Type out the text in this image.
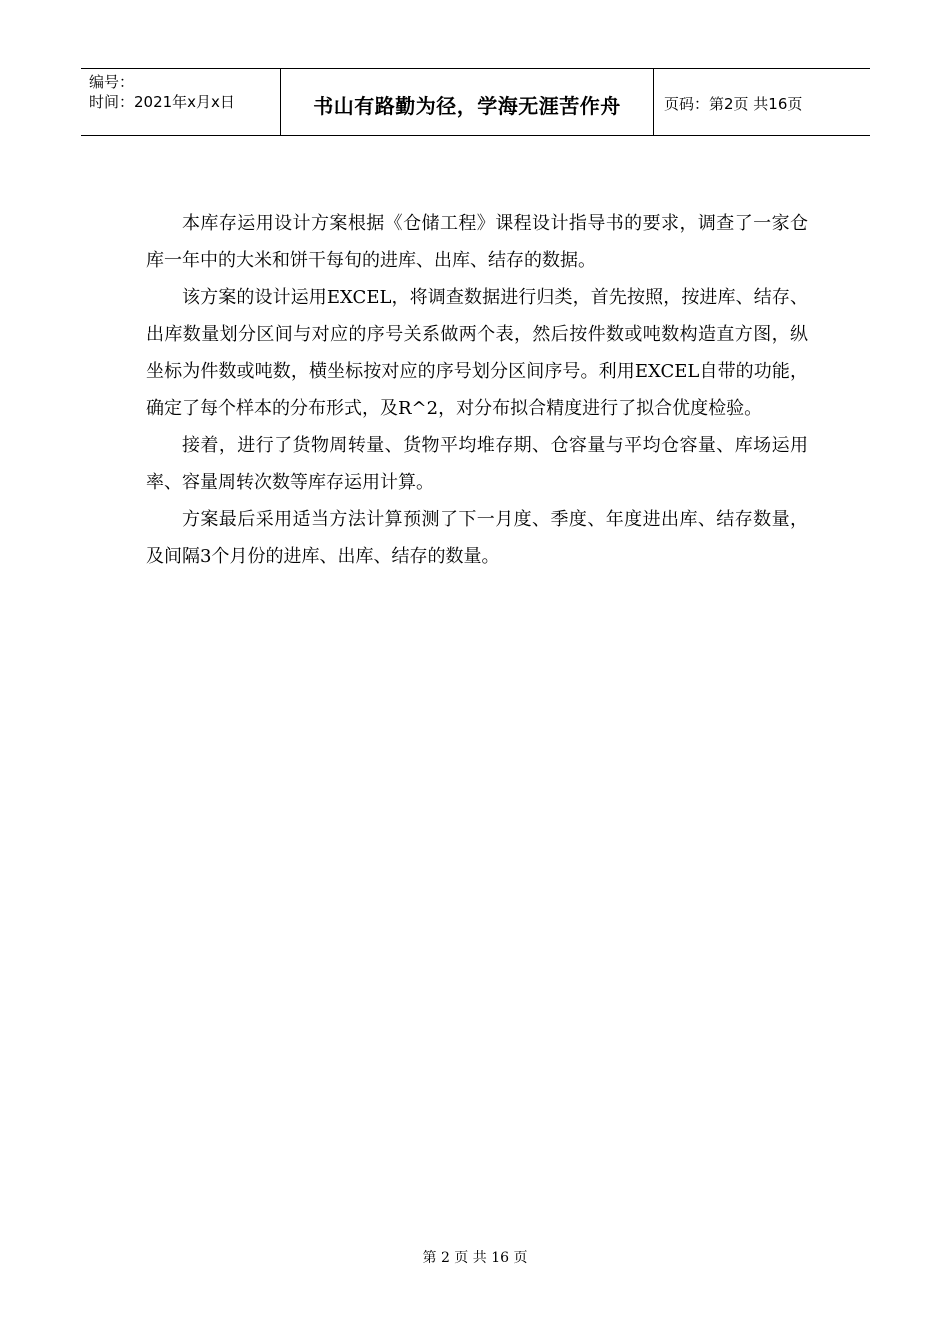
编号：
时间：2021年x月x日	书山有路勤为径，学海无涯苦作舟	页码：第2页 共16页

本库存运用设计方案根据《仓储工程》课程设计指导书的要求，调查了一家仓库一年中的大米和饼干每旬的进库、出库、结存的数据。

该方案的设计运用EXCEL，将调查数据进行归类，首先按照，按进库、结存、出库数量划分区间与对应的序号关系做两个表，然后按件数或吨数构造直方图，纵坐标为件数或吨数，横坐标按对应的序号划分区间序号。利用EXCEL自带的功能，确定了每个样本的分布形式，及R^2，对分布拟合精度进行了拟合优度检验。

接着，进行了货物周转量、货物平均堆存期、仓容量与平均仓容量、库场运用率、容量周转次数等库存运用计算。

方案最后采用适当方法计算预测了下一月度、季度、年度进出库、结存数量，及间隔3个月份的进库、出库、结存的数量。

第 2 页 共 16 页
